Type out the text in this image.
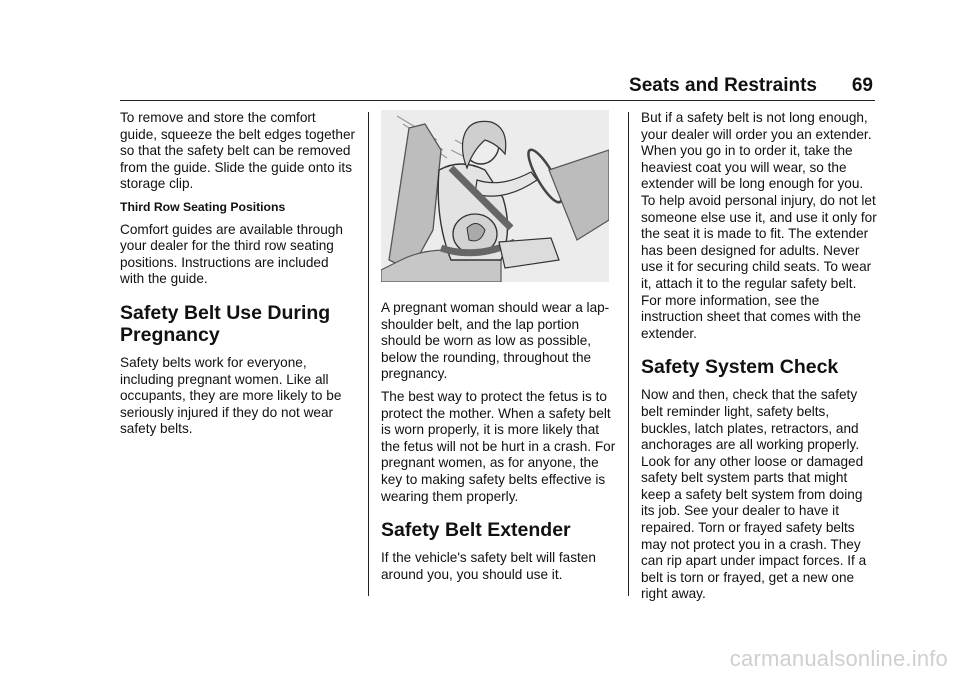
Seats and Restraints 69

To remove and store the comfort guide, squeeze the belt edges together so that the safety belt can be removed from the guide. Slide the guide onto its storage clip.

Third Row Seating Positions

Comfort guides are available through your dealer for the third row seating positions. Instructions are included with the guide.

Safety Belt Use During Pregnancy

Safety belts work for everyone, including pregnant women. Like all occupants, they are more likely to be seriously injured if they do not wear safety belts.

A pregnant woman should wear a lap-shoulder belt, and the lap portion should be worn as low as possible, below the rounding, throughout the pregnancy.

The best way to protect the fetus is to protect the mother. When a safety belt is worn properly, it is more likely that the fetus will not be hurt in a crash. For pregnant women, as for anyone, the key to making safety belts effective is wearing them properly.

Safety Belt Extender

If the vehicle's safety belt will fasten around you, you should use it.

But if a safety belt is not long enough, your dealer will order you an extender. When you go in to order it, take the heaviest coat you will wear, so the extender will be long enough for you. To help avoid personal injury, do not let someone else use it, and use it only for the seat it is made to fit. The extender has been designed for adults. Never use it for securing child seats. To wear it, attach it to the regular safety belt. For more information, see the instruction sheet that comes with the extender.

Safety System Check

Now and then, check that the safety belt reminder light, safety belts, buckles, latch plates, retractors, and anchorages are all working properly. Look for any other loose or damaged safety belt system parts that might keep a safety belt system from doing its job. See your dealer to have it repaired. Torn or frayed safety belts may not protect you in a crash. They can rip apart under impact forces. If a belt is torn or frayed, get a new one right away.

carmanualsonline.info
